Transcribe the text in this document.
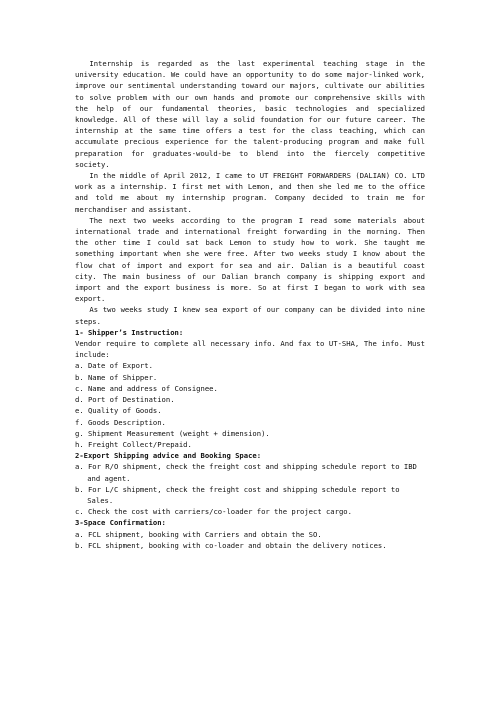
Internship is regarded as the last experimental teaching stage in the university education. We could have an opportunity to do some major-linked work, improve our sentimental understanding toward our majors, cultivate our abilities to solve problem with our own hands and promote our comprehensive skills with the help of our fundamental theories, basic technologies and specialized knowledge. All of these will lay a solid foundation for our future career. The internship at the same time offers a test for the class teaching, which can accumulate precious experience for the talent-producing program and make full preparation for graduates-would-be to blend into the fiercely competitive society.

In the middle of April 2012, I came to UT FREIGHT FORWARDERS (DALIAN) CO. LTD work as a internship. I first met with Lemon, and then she led me to the office and told me about my internship program. Company decided to train me for merchandiser and assistant.

The next two weeks according to the program I read some materials about international trade and international freight forwarding in the morning. Then the other time I could sat back Lemon to study how to work. She taught me something important when she were free. After two weeks study I know about the flow chat of import and export for sea and air. Dalian is a beautiful coast city. The main business of our Dalian branch company is shipping export and import and the export business is more. So at first I began to work with sea export.

As two weeks study I knew sea export of our company can be divided into nine steps.

1- Shipper’s Instruction:

Vendor require to complete all necessary info. And fax to UT-SHA, The info. Must include:

a. Date of Export.
b. Name of Shipper.
c. Name and address of Consignee.
d. Port of Destination.
e. Quality of Goods.
f. Goods Description.
g. Shipment Measurement (weight + dimension).
h. Freight Collect/Prepaid.

2-Export Shipping advice and Booking Space:

a. For R/O shipment, check the freight cost and shipping schedule report to IBD and agent.
b. For L/C shipment, check the freight cost and shipping schedule report to Sales.
c. Check the cost with carriers/co-loader for the project cargo.

3-Space Confirmation:

a. FCL shipment, booking with Carriers and obtain the SO.
b. FCL shipment, booking with co-loader and obtain the delivery notices.
